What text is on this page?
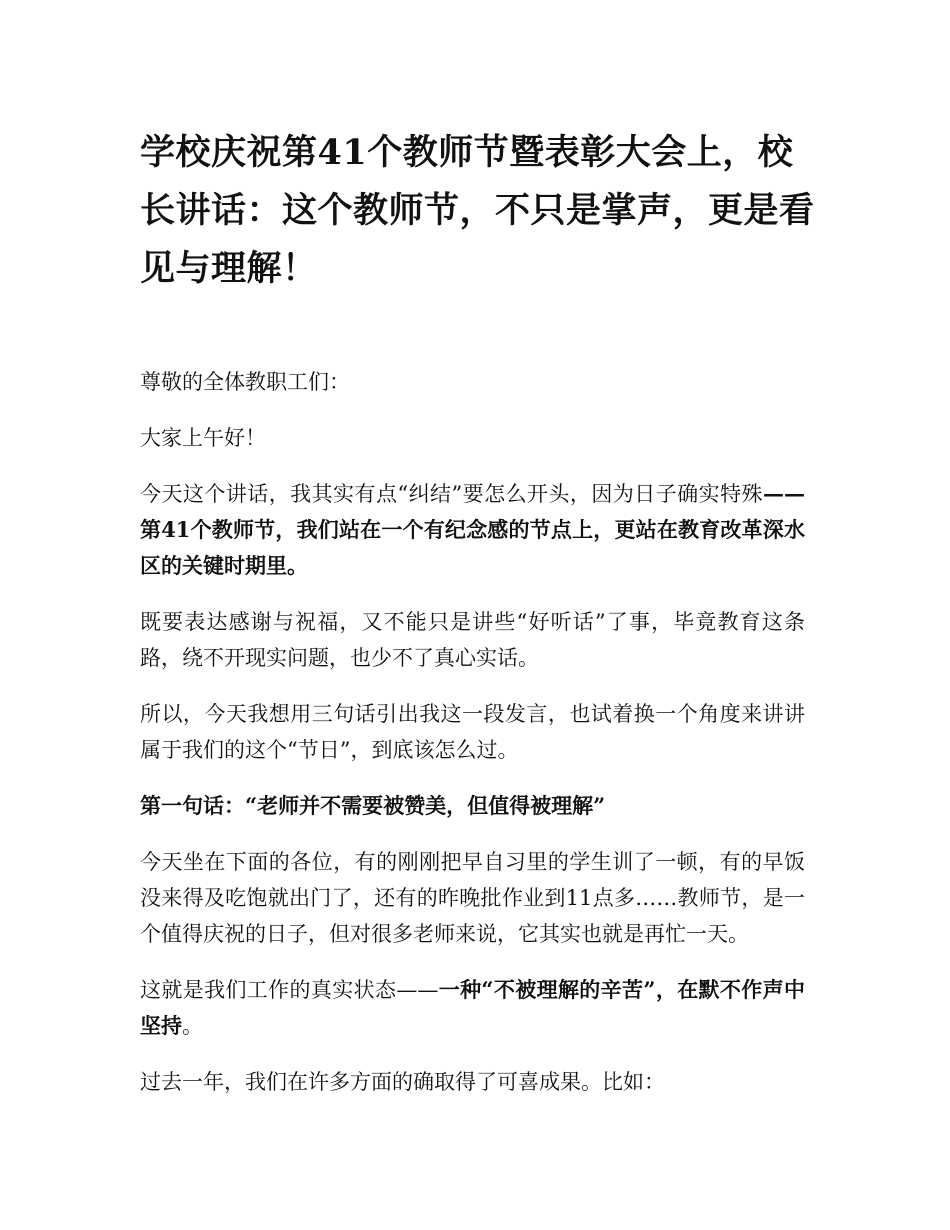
学校庆祝第41个教师节暨表彰大会上，校长讲话：这个教师节，不只是掌声，更是看见与理解！

尊敬的全体教职工们：

大家上午好！

今天这个讲话，我其实有点“纠结”要怎么开头，因为日子确实特殊——第41个教师节，我们站在一个有纪念感的节点上，更站在教育改革深水区的关键时期里。

既要表达感谢与祝福，又不能只是讲些“好听话”了事，毕竟教育这条路，绕不开现实问题，也少不了真心实话。

所以，今天我想用三句话引出我这一段发言，也试着换一个角度来讲讲属于我们的这个“节日”，到底该怎么过。

第一句话：“老师并不需要被赞美，但值得被理解”

今天坐在下面的各位，有的刚刚把早自习里的学生训了一顿，有的早饭没来得及吃饱就出门了，还有的昨晚批作业到11点多……教师节，是一个值得庆祝的日子，但对很多老师来说，它其实也就是再忙一天。

这就是我们工作的真实状态——一种“不被理解的辛苦”，在默不作声中坚持。

过去一年，我们在许多方面的确取得了可喜成果。比如：
